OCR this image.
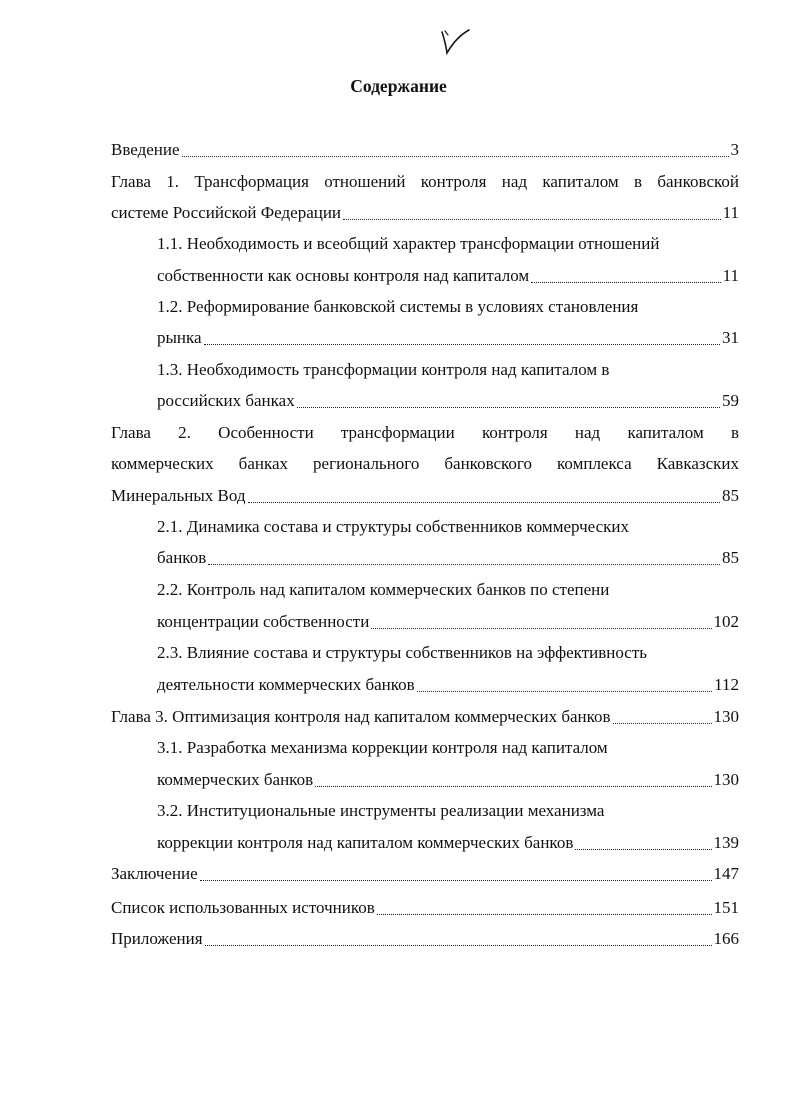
Содержание
Введение	3
Глава 1. Трансформация отношений контроля над капиталом в банковской
системе Российской Федерации	11
1.1. Необходимость и всеобщий характер трансформации отношений
собственности как основы контроля над капиталом	11
1.2. Реформирование банковской системы в условиях становления
рынка	31
1.3. Необходимость трансформации контроля над капиталом в
российских банках	59
Глава 2. Особенности трансформации контроля над капиталом в
коммерческих банках регионального банковского комплекса Кавказских
Минеральных Вод	85
2.1. Динамика состава и структуры собственников коммерческих
банков	85
2.2. Контроль над капиталом коммерческих банков по степени
концентрации собственности	102
2.3. Влияние состава и структуры собственников на эффективность
деятельности коммерческих банков	112
Глава 3. Оптимизация контроля над капиталом коммерческих банков	130
3.1. Разработка механизма коррекции контроля над капиталом
коммерческих банков	130
3.2. Институциональные инструменты реализации механизма
коррекции контроля над капиталом коммерческих банков	139
Заключение	147
Список использованных источников	151
Приложения	166
